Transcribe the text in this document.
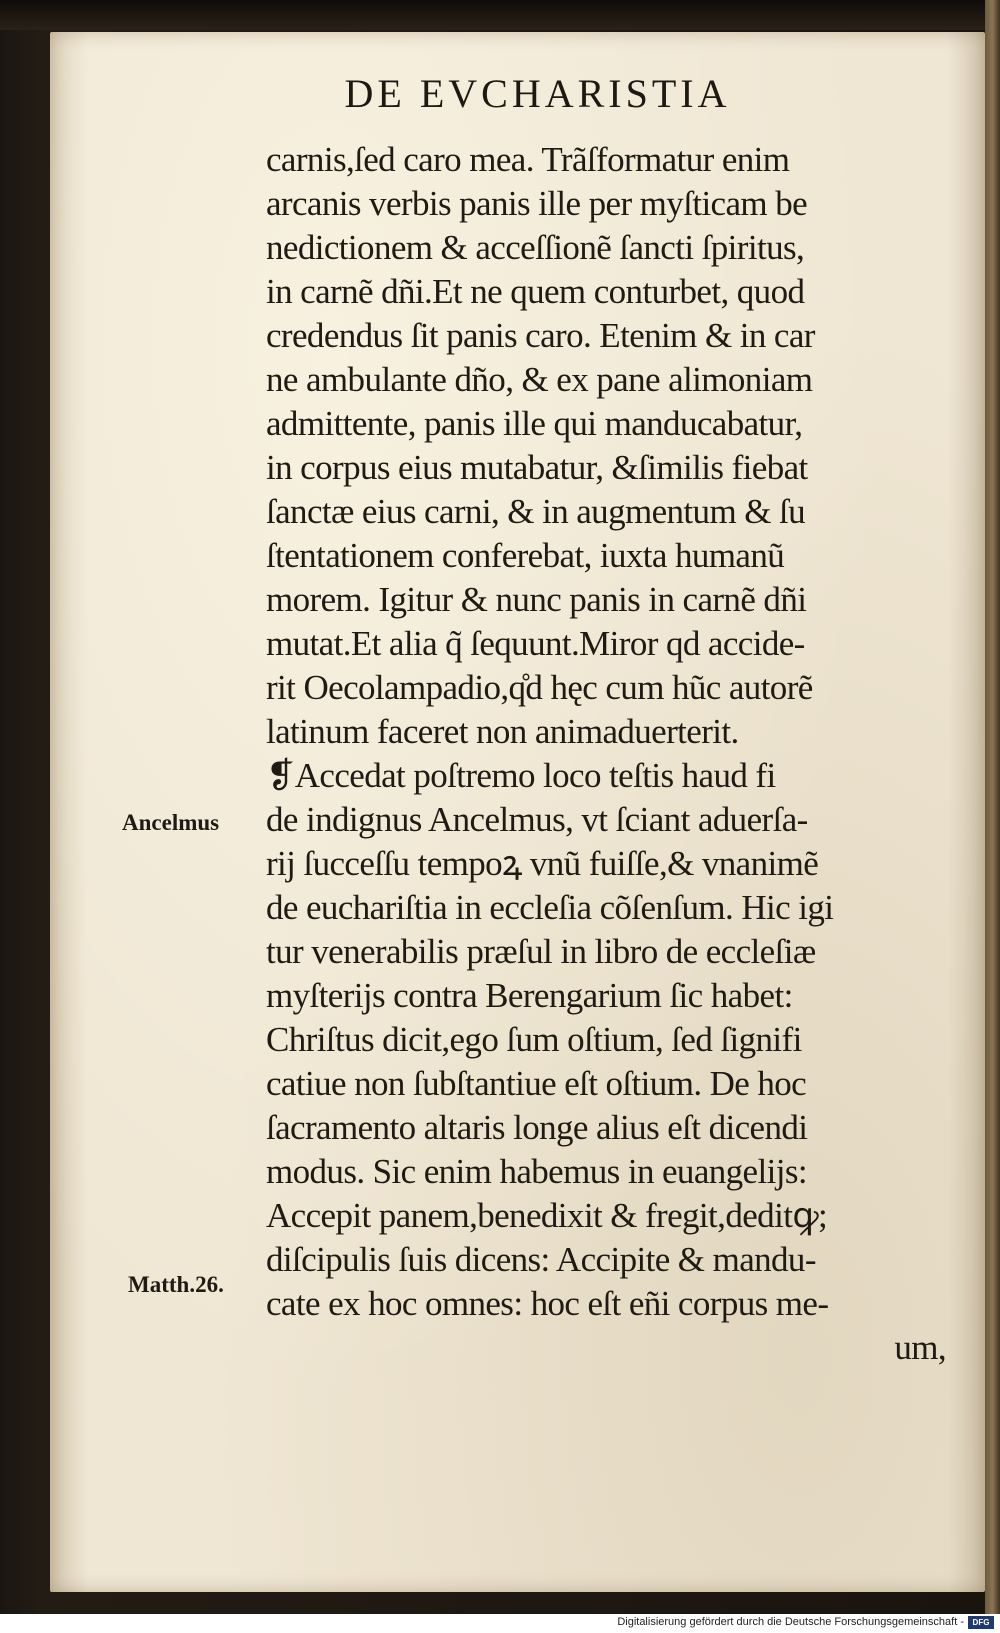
DE EVCHARISTIA
Ancelmus
Matth.26.
carnis,ſed caro mea. Trãſformatur enim
arcanis verbis panis ille per myſticam be
nedictionem & acceſſionẽ ſancti ſpiritus,
in carnẽ dñi.Et ne quem conturbet, quod
credendus ſit panis caro. Etenim & in car
ne ambulante dño, & ex pane alimoniam
admittente, panis ille qui manducabatur,
in corpus eius mutabatur, &ſimilis fiebat
ſanctæ eius carni, & in augmentum & ſu
ſtentationem conferebat, iuxta humanũ
morem. Igitur & nunc panis in carnẽ dñi
mutat.Et alia q̃ ſequunt.Miror qd accide-
rit Oecolampadio,q̊d hęc cum hũc autorẽ
latinum faceret non animaduerterit.
❡Accedat poſtremo loco teſtis haud fi
de indignus Ancelmus, vt ſciant aduerſa-
rij ſucceſſu tempoꝝ vnũ fuiſſe,& vnanimẽ
de euchariſtia in eccleſia cõſenſum. Hic igi
tur venerabilis præſul in libro de eccleſiæ
myſterijs contra Berengarium ſic habet:
Chriſtus dicit,ego ſum oſtium, ſed ſignifi
catiue non ſubſtantiue eſt oſtium. De hoc
ſacramento altaris longe alius eſt dicendi
modus. Sic enim habemus in euangelijs:
Accepit panem,benedixit & fregit,deditꝙ;
diſcipulis ſuis dicens: Accipite & mandu-
cate ex hoc omnes: hoc eſt eñi corpus me-
um,
Digitalisierung gefördert durch die Deutsche Forschungsgemeinschaft -	DFG
